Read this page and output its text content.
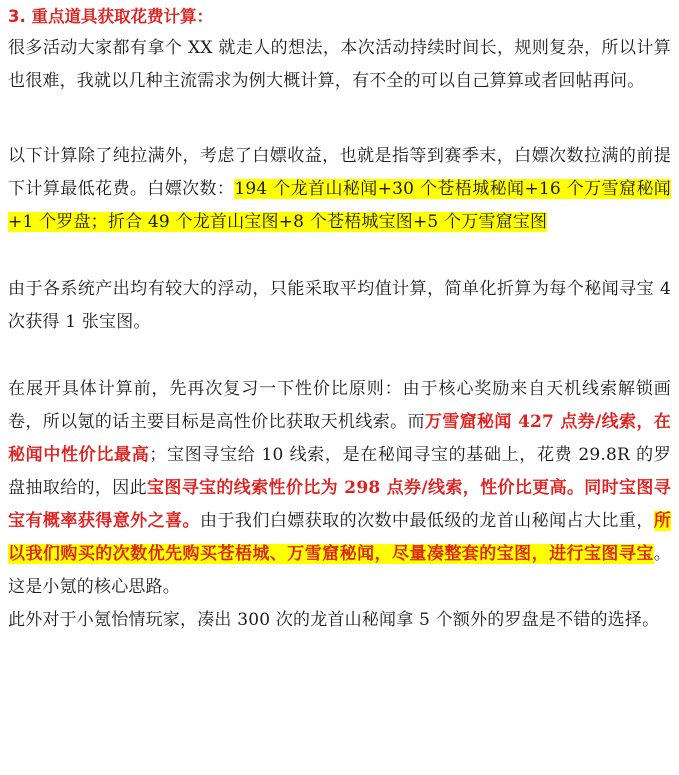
3. 重点道具获取花费计算：

很多活动大家都有拿个 XX 就走人的想法，本次活动持续时间长，规则复杂，所以计算也很难，我就以几种主流需求为例大概计算，有不全的可以自己算算或者回帖再问。

以下计算除了纯拉满外，考虑了白嫖收益，也就是指等到赛季末，白嫖次数拉满的前提下计算最低花费。白嫖次数：194 个龙首山秘闻+30 个苍梧城秘闻+16 个万雪窟秘闻+1 个罗盘；折合 49 个龙首山宝图+8 个苍梧城宝图+5 个万雪窟宝图

由于各系统产出均有较大的浮动，只能采取平均值计算，简单化折算为每个秘闻寻宝 4 次获得 1 张宝图。

在展开具体计算前，先再次复习一下性价比原则：由于核心奖励来自天机线索解锁画卷，所以氪的话主要目标是高性价比获取天机线索。而万雪窟秘闻 427 点券/线索，在秘闻中性价比最高；宝图寻宝给 10 线索，是在秘闻寻宝的基础上，花费 29.8R 的罗盘抽取给的，因此宝图寻宝的线索性价比为 298 点券/线索，性价比更高。同时宝图寻宝有概率获得意外之喜。由于我们白嫖获取的次数中最低级的龙首山秘闻占大比重，所以我们购买的次数优先购买苍梧城、万雪窟秘闻，尽量凑整套的宝图，进行宝图寻宝。这是小氪的核心思路。

此外对于小氪怡情玩家，凑出 300 次的龙首山秘闻拿 5 个额外的罗盘是不错的选择。
